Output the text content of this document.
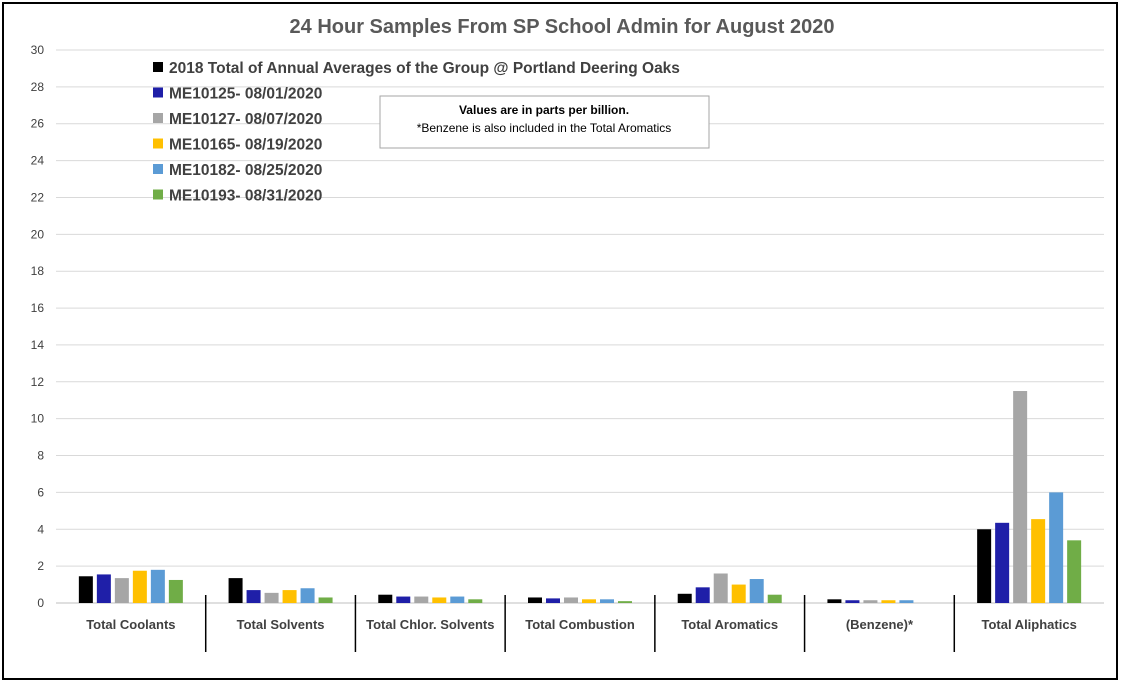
24 Hour Samples From SP School Admin for August 2020
0
2
4
6
8
10
12
14
16
18
20
22
24
26
28
30
Total Coolants	Total Solvents	Total Chlor. Solvents Total Combustion	Total Aromatics	(Benzene)*	Total Aliphatics
2018 Total of Annual Averages of the Group @ Portland Deering Oaks
ME10125- 08/01/2020
ME10127- 08/07/2020
ME10165- 08/19/2020
ME10182- 08/25/2020
ME10193- 08/31/2020
Values are in parts per billion.
*Benzene is also included in the Total Aromatics
